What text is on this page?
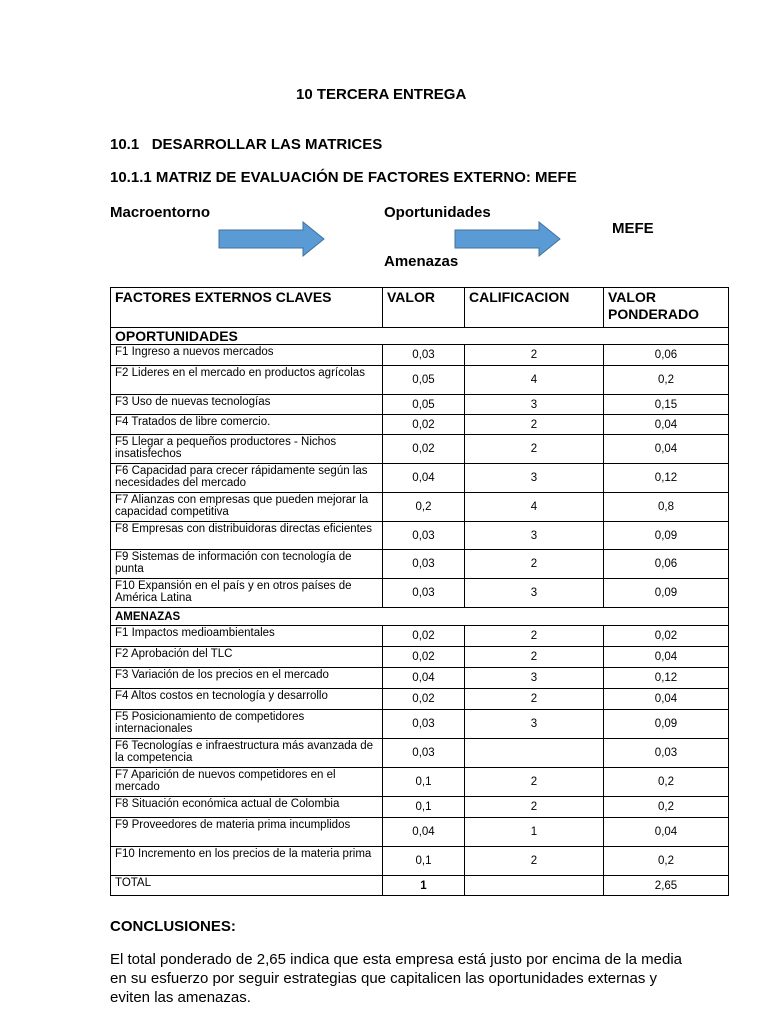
10 TERCERA ENTREGA
10.1   DESARROLLAR LAS MATRICES
10.1.1 MATRIZ DE EVALUACIÓN DE FACTORES EXTERNO: MEFE
Macroentorno	Oportunidades
MEFE
Amenazas
FACTORES EXTERNOS CLAVES	VALOR	CALIFICACION	VALOR PONDERADO
OPORTUNIDADES			
F1 Ingreso a nuevos mercados	0,03	2	0,06
F2 Lideres en el mercado en productos agrícolas	0,05	4	0,2
F3 Uso de nuevas tecnologías	0,05	3	0,15
F4 Tratados de libre comercio.	0,02	2	0,04
F5 Llegar a pequeños productores - Nichos insatisfechos	0,02	2	0,04
F6 Capacidad para crecer rápidamente según las necesidades del mercado	0,04	3	0,12
F7 Alianzas con empresas que pueden mejorar la capacidad competitiva	0,2	4	0,8
F8 Empresas con distribuidoras directas eficientes	0,03	3	0,09
F9 Sistemas de información con tecnología de punta	0,03	2	0,06
F10 Expansión en el país y en otros países de América Latina	0,03	3	0,09
AMENAZAS			
F1 Impactos medioambientales	0,02	2	0,02
F2 Aprobación del TLC	0,02	2	0,04
F3 Variación de los precios en el mercado	0,04	3	0,12
F4 Altos costos en tecnología y desarrollo	0,02	2	0,04
F5 Posicionamiento de competidores internacionales	0,03	3	0,09
F6 Tecnologías e infraestructura más avanzada de la competencia	0,03		0,03
F7 Aparición de nuevos competidores en el mercado	0,1	2	0,2
F8 Situación económica actual de Colombia	0,1	2	0,2
F9 Proveedores de materia prima incumplidos	0,04	1	0,04
F10 Incremento en los precios de la materia prima	0,1	2	0,2
TOTAL	1		2,65
CONCLUSIONES:
El total ponderado de 2,65 indica que esta empresa está justo por encima de la media en su esfuerzo por seguir estrategias que capitalicen las oportunidades externas y eviten las amenazas.
